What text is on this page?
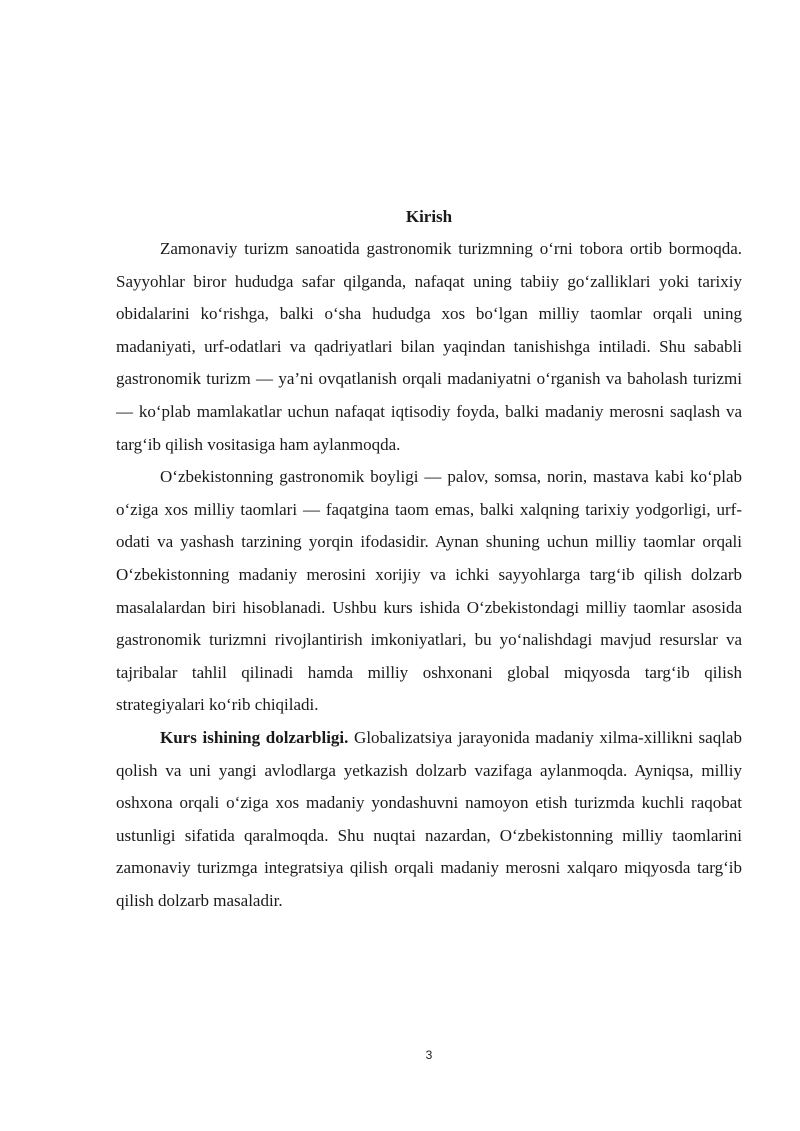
Kirish

Zamonaviy turizm sanoatida gastronomik turizmning o‘rni tobora ortib bormoqda. Sayyohlar biror hududga safar qilganda, nafaqat uning tabiiy go‘zalliklari yoki tarixiy obidalarini ko‘rishga, balki o‘sha hududga xos bo‘lgan milliy taomlar orqali uning madaniyati, urf-odatlari va qadriyatlari bilan yaqindan tanishishga intiladi. Shu sababli gastronomik turizm — ya’ni ovqatlanish orqali madaniyatni o‘rganish va baholash turizmi — ko‘plab mamlakatlar uchun nafaqat iqtisodiy foyda, balki madaniy merosni saqlash va targ‘ib qilish vositasiga ham aylanmoqda.

O‘zbekistonning gastronomik boyligi — palov, somsa, norin, mastava kabi ko‘plab o‘ziga xos milliy taomlari — faqatgina taom emas, balki xalqning tarixiy yodgorligi, urf-odati va yashash tarzining yorqin ifodasidir. Aynan shuning uchun milliy taomlar orqali O‘zbekistonning madaniy merosini xorijiy va ichki sayyohlarga targ‘ib qilish dolzarb masalalardan biri hisoblanadi. Ushbu kurs ishida O‘zbekistondagi milliy taomlar asosida gastronomik turizmni rivojlantirish imkoniyatlari, bu yo‘nalishdagi mavjud resurslar va tajribalar tahlil qilinadi hamda milliy oshxonani global miqyosda targ‘ib qilish strategiyalari ko‘rib chiqiladi.

Kurs ishining dolzarbligi. Globalizatsiya jarayonida madaniy xilma-xillikni saqlab qolish va uni yangi avlodlarga yetkazish dolzarb vazifaga aylanmoqda. Ayniqsa, milliy oshxona orqali o‘ziga xos madaniy yondashuvni namoyon etish turizmda kuchli raqobat ustunligi sifatida qaralmoqda. Shu nuqtai nazardan, O‘zbekistonning milliy taomlarini zamonaviy turizmga integratsiya qilish orqali madaniy merosni xalqaro miqyosda targ‘ib qilish dolzarb masaladir.

3
